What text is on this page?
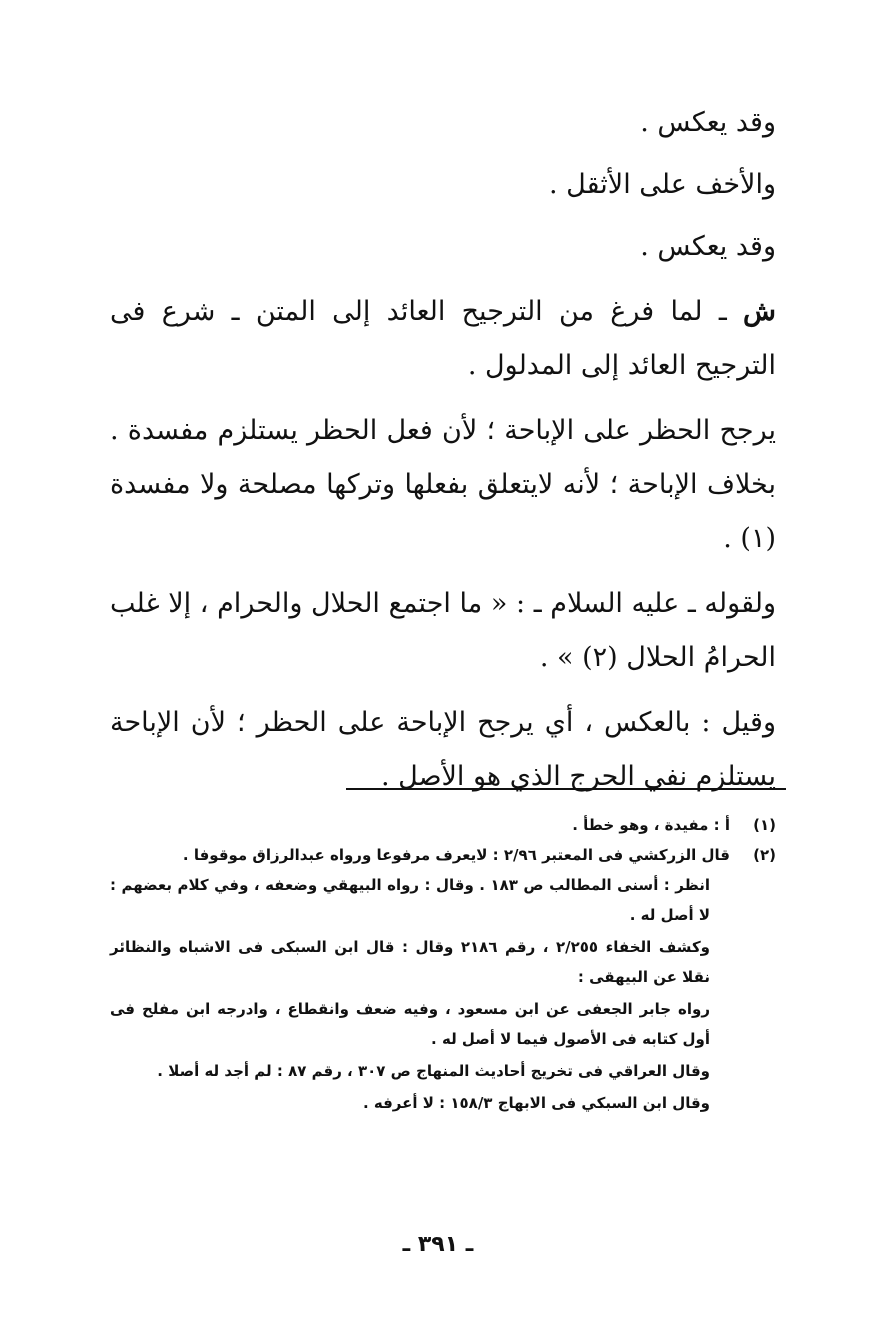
وقد يعكس .

والأخف على الأثقل .

وقد يعكس .

ش ـ لما فرغ من الترجيح العائد إلى المتن ـ شرع فى الترجيح العائد إلى المدلول .

يرجح الحظر على الإباحة ؛ لأن فعل الحظر يستلزم مفسدة . بخلاف الإباحة ؛ لأنه لايتعلق بفعلها وتركها مصلحة ولا مفسدة (١) .

ولقوله ـ عليه السلام ـ : « ما اجتمع الحلال والحرام ، إلا غلب الحرامُ الحلال (٢) » .

وقيل : بالعكس ، أي يرجح الإباحة على الحظر ؛ لأن الإباحة يستلزم نفي الحرج الذي هو الأصل .

(١)
أ : مفيدة ، وهو خطأ .
(٢)

قال الزركشي فى المعتبر ٢/٩٦ : لايعرف مرفوعا ورواه عبدالرزاق موقوفا .

انظر : أسنى المطالب ص ١٨٣ . وقال : رواه البيهقي وضعفه ، وفي كلام بعضهم : لا أصل له .

وكشف الخفاء ٢/٢٥٥ ، رقم ٢١٨٦ وقال : قال ابن السبكى فى الاشباه والنظائر نقلا عن البيهقى :

رواه جابر الجعفى عن ابن مسعود ، وفيه ضعف وانقطاع ، وادرجه ابن مفلح فى أول كتابه فى الأصول فيما لا أصل له .

وقال العراقي فى تخريج أحاديث المنهاج ص ٣٠٧ ، رقم ٨٧ : لم أجد له أصلا .

وقال ابن السبكي فى الابهاج ١٥٨/٣ : لا أعرفه .

ـ ٣٩١ ـ
